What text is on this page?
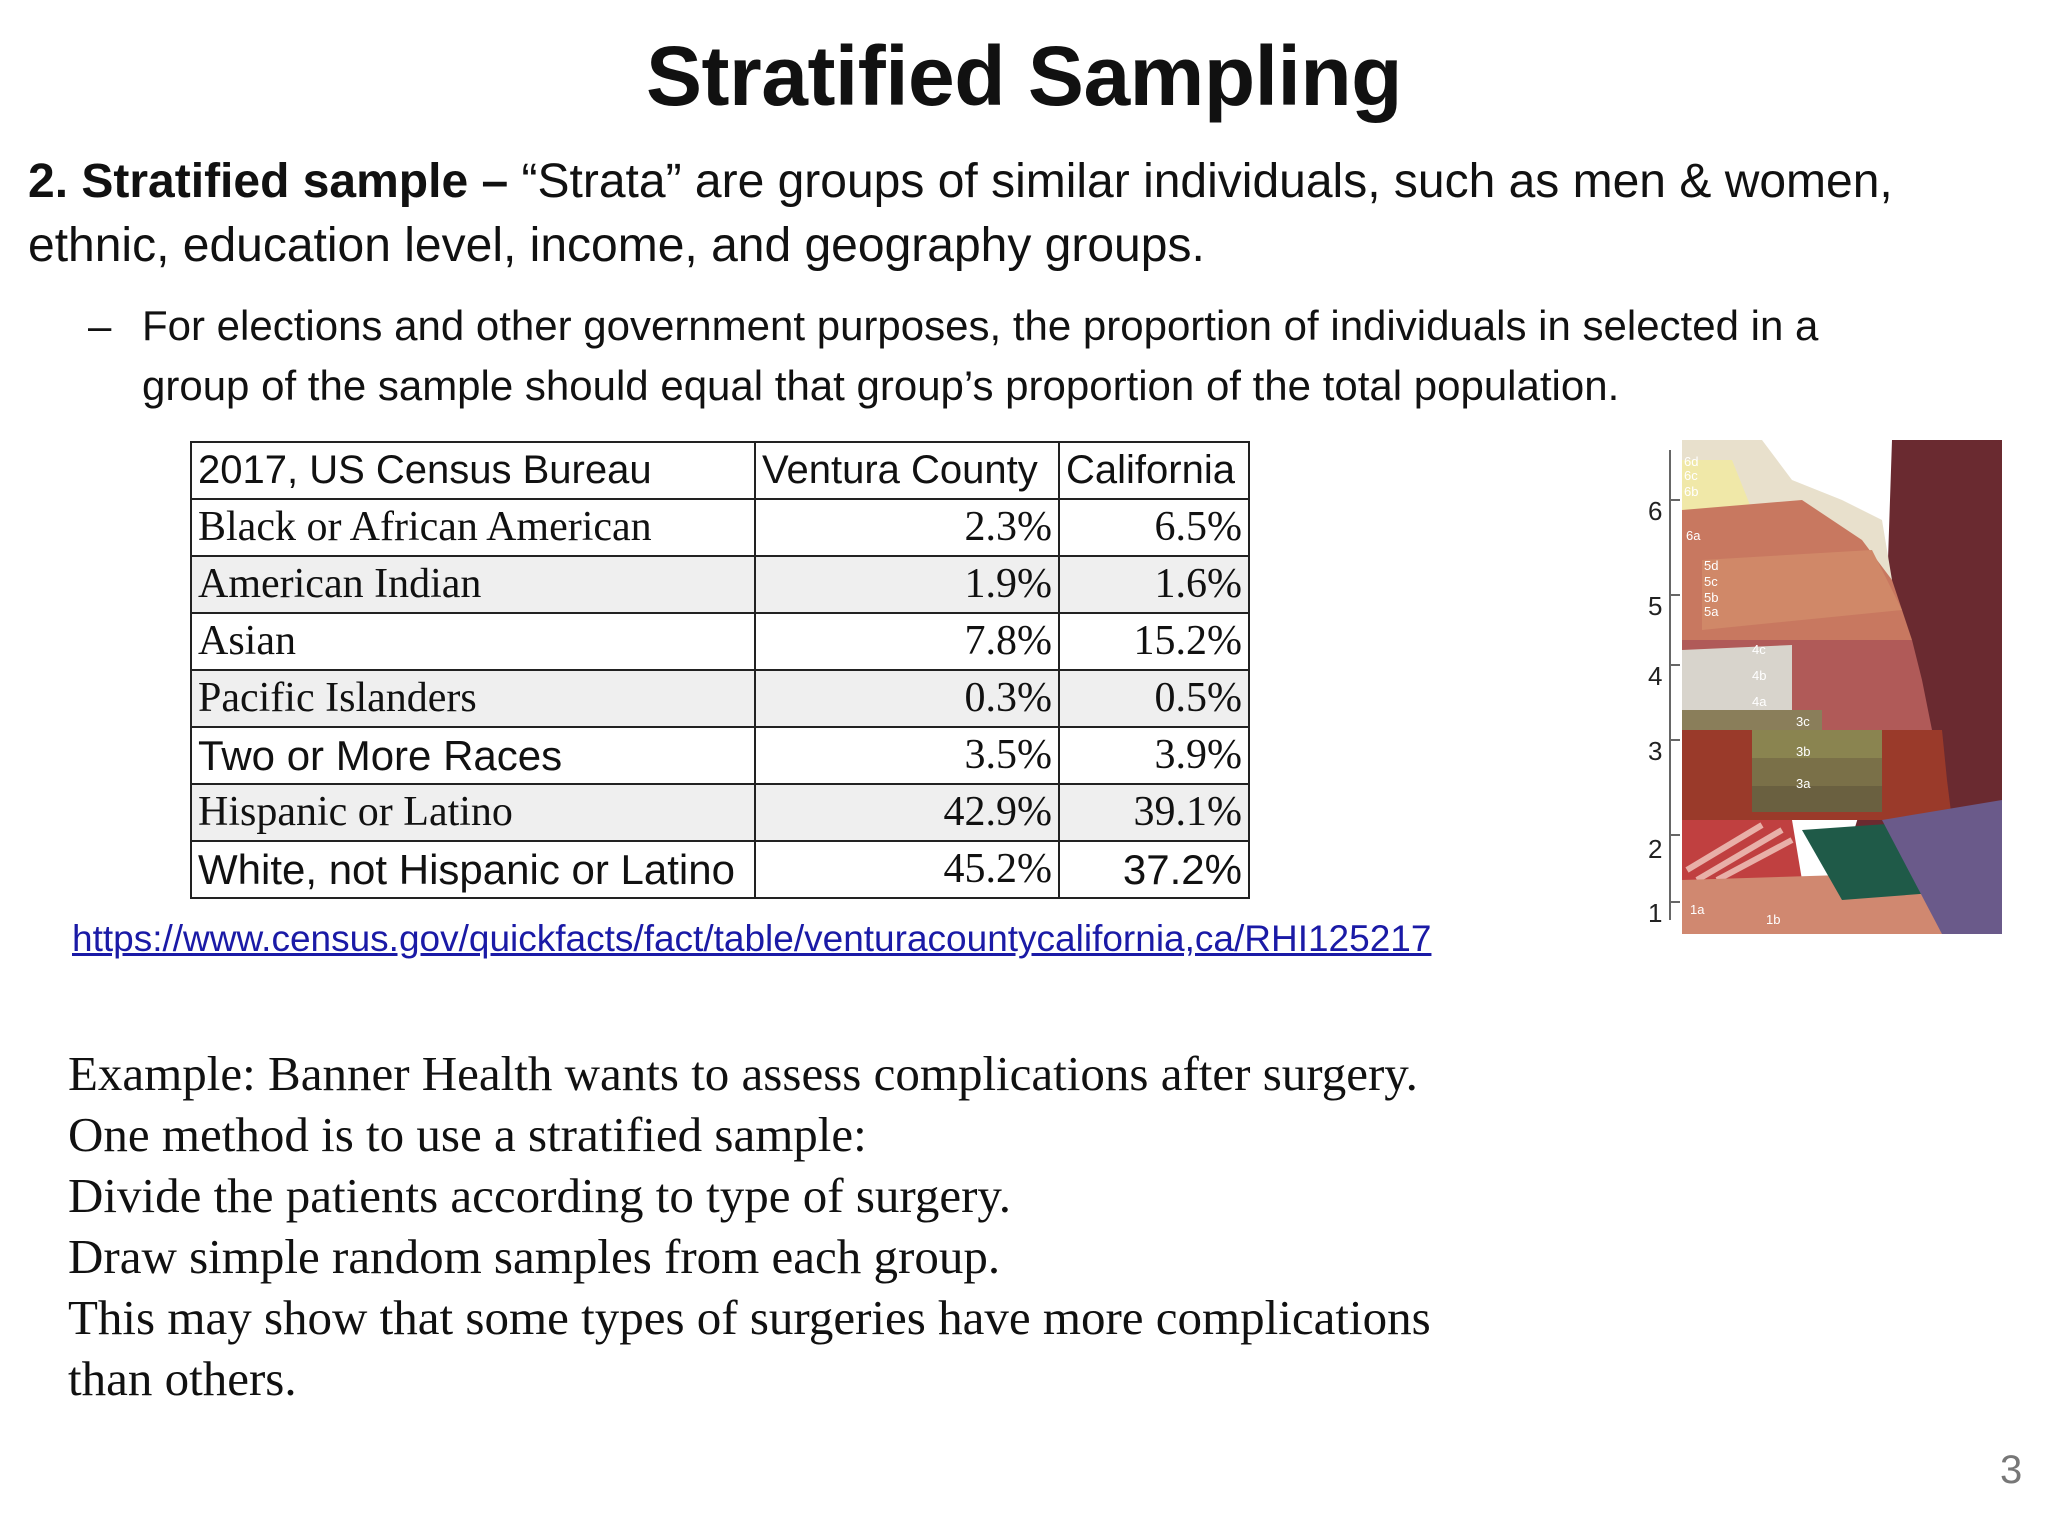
Stratified Sampling
2. Stratified sample – “Strata” are groups of similar individuals, such as men & women, ethnic, education level, income, and geography groups.
– For elections and other government purposes, the proportion of individuals in selected in a group of the sample should equal that group’s proportion of the total population.
2017, US Census Bureau	Ventura County	California
Black or African American	2.3%	6.5%
American Indian	1.9%	1.6%
Asian	7.8%	15.2%
Pacific Islanders	0.3%	0.5%
Two or More Races	3.5%	3.9%
Hispanic or Latino	42.9%	39.1%
White, not Hispanic or Latino	45.2%	37.2%
https://www.census.gov/quickfacts/fact/table/venturacountycalifornia,ca/RHI125217
6
5
4
3
2
1
6d
6c
6b
6a
5d
5c
5b
5a
4c
4b
4a
3c
3b
3a
1a
1b
Example: Banner Health wants to assess complications after surgery.
One method is to use a stratified sample:
Divide the patients according to type of surgery.
Draw simple random samples from each group.
This may show that some types of surgeries have more complications
than others.
3
